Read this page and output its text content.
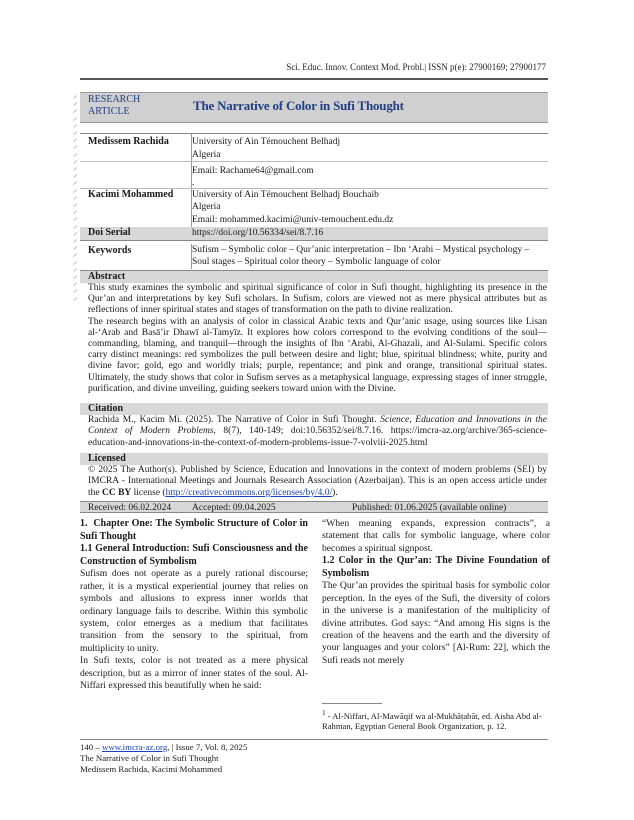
Sci. Educ. Innov. Context Mod. Probl.| ISSN p(e): 27900169; 27900177
⸝
⸝
⸝
⸝
⸝
⸝
⸝
⸝
⸝
⸝
⸝
⸝
⸝
⸝
⸝
⸝
⸝
⸝
⸝
⸝
⸝
⸝
⸝
⸝
⸝
⸝
⸝
⸝
⸝
RESEARCH ARTICLE	The Narrative of Color in Sufi Thought
Medissem Rachida University of Ain Témouchent Belhadj
Algeria
Email: Rachame64@gmail.com
.
Kacimi Mohammed University of Ain Témouchent Belhadj Bouchaib
Algeria
Email: mohammed.kacimi@univ-temouchent.edu.dz
Doi Serial	https://doi.org/10.56334/sei/8.7.16
Keywords	Sufism – Symbolic color – Qur’anic interpretation – Ibn ‘Arabi – Mystical psychology – Soul stages – Spiritual color theory – Symbolic language of color
Abstract

This study examines the symbolic and spiritual significance of color in Sufi thought, highlighting its presence in the Qur’an and interpretations by key Sufi scholars. In Sufism, colors are viewed not as mere physical attributes but as reflections of inner spiritual states and stages of transformation on the path to divine realization.

The research begins with an analysis of color in classical Arabic texts and Qur’anic usage, using sources like Lisan al-‘Arab and Basā’ir Dhawī al-Tamyīz. It explores how colors correspond to the evolving conditions of the soul—commanding, blaming, and tranquil—through the insights of Ibn ‘Arabi, Al-Ghazali, and Al-Sulami. Specific colors carry distinct meanings: red symbolizes the pull between desire and light; blue, spiritual blindness; white, purity and divine favor; gold, ego and worldly trials; purple, repentance; and pink and orange, transitional spiritual states. Ultimately, the study shows that color in Sufism serves as a metaphysical language, expressing stages of inner struggle, purification, and divine unveiling, guiding seekers toward union with the Divine.

Citation

Rachida M., Kacim Mi. (2025). The Narrative of Color in Sufi Thought. Science, Education and Innovations in the Context of Modern Problems, 8(7), 140-149; doi:10.56352/sei/8.7.16. https://imcra-az.org/archive/365-science-education-and-innovations-in-the-context-of-modern-problems-issue-7-volviii-2025.html

Licensed

© 2025 The Author(s). Published by Science, Education and Innovations in the context of modern problems (SEI) by IMCRA - International Meetings and Journals Research Association (Azerbaijan). This is an open access article under the CC BY license (http://creativecommons.org/licenses/by/4.0/).

Received: 06.02.2024 Accepted: 09.04.2025	Published: 01.06.2025 (available online)
1.  Chapter One: The Symbolic Structure of Color in Sufi Thought
1.1 General Introduction: Sufi Consciousness and the Construction of Symbolism

Sufism does not operate as a purely rational discourse; rather, it is a mystical experiential journey that relies on symbols and allusions to express inner worlds that ordinary language fails to describe. Within this symbolic system, color emerges as a medium that facilitates transition from the sensory to the spiritual, from multiplicity to unity.

In Sufi texts, color is not treated as a mere physical description, but as a mirror of inner states of the soul. Al-Niffari expressed this beautifully when he said:

“When meaning expands, expression contracts”, a statement that calls for symbolic language, where color becomes a spiritual signpost.

1.2 Color in the Qur’an: The Divine Foundation of Symbolism

The Qur’an provides the spiritual basis for symbolic color perception. In the eyes of the Sufi, the diversity of colors in the universe is a manifestation of the multiplicity of divine attributes. God says: “And among His signs is the creation of the heavens and the earth and the diversity of your languages and your colors” [Al-Rum: 22], which the Sufi reads not merely

$^1$ - Al-Niffari, Al-Mawāqif wa al-Mukhāṭabāt, ed. Aisha Abd al-Rahman, Egyptian General Book Organization, p. 12.
140 – www.imcra-az.org, | Issue 7, Vol. 8, 2025
The Narrative of Color in Sufi Thought
Medissem Rachida, Kacimi Mohammed
